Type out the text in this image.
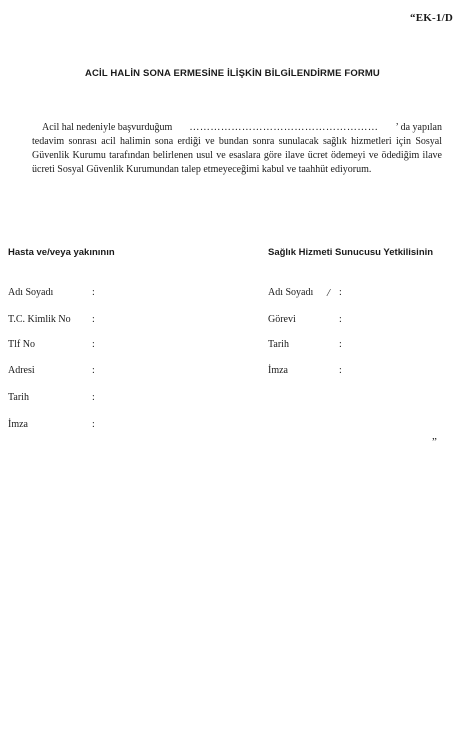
“EK-1/D
ACİL HALİN SONA ERMESİNE İLİŞKİN BİLGİLENDİRME FORMU
Acil hal nedeniyle başvurduğum ……………………………………………… ’ da yapılan
tedavim sonrası acil halimin sona erdiği ve bundan sonra sunulacak sağlık hizmetleri için Sosyal
Güvenlik Kurumu tarafından belirlenen usul ve esaslara göre ilave ücret ödemeyi ve ödediğim ilave
ücreti Sosyal Güvenlik Kurumundan talep etmeyeceğimi kabul ve taahhüt ediyorum.
Hasta ve/veya yakınının	Sağlık Hizmeti Sunucusu Yetkilisinin
Adı Soyadı	:
T.C. Kimlik No :
Tlf No	:
Adresi	:
Tarih	:
İmza	:
Adı Soyadı / :
Görevi	:
Tarih	:
İmza	:
”
